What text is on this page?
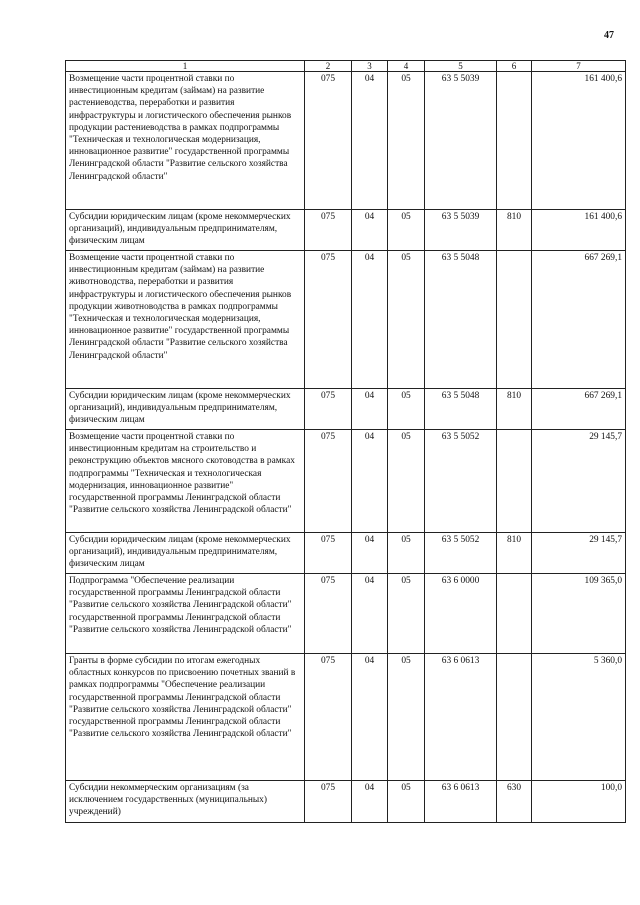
47
1	2	3	4	5	6	7
Возмещение части процентной ставки по инвестиционным кредитам (займам) на развитие растениеводства, переработки и развития инфраструктуры и логистического обеспечения рынков продукции растениеводства в рамках подпрограммы "Техническая и технологическая модернизация, инновационное развитие" государственной программы Ленинградской области "Развитие сельского хозяйства Ленинградской области"	075	04	05	63 5 5039		161 400,6
Субсидии юридическим лицам (кроме некоммерческих организаций), индивидуальным предпринимателям, физическим лицам	075	04	05	63 5 5039	810	161 400,6
Возмещение части процентной ставки по инвестиционным кредитам (займам) на развитие животноводства, переработки и развития инфраструктуры и логистического обеспечения рынков продукции животноводства в рамках подпрограммы "Техническая и технологическая модернизация, инновационное развитие" государственной программы Ленинградской области "Развитие сельского хозяйства Ленинградской области"	075	04	05	63 5 5048		667 269,1
Субсидии юридическим лицам (кроме некоммерческих организаций), индивидуальным предпринимателям, физическим лицам	075	04	05	63 5 5048	810	667 269,1
Возмещение части процентной ставки по инвестиционным кредитам на строительство и реконструкцию объектов мясного скотоводства в рамках подпрограммы "Техническая и технологическая модернизация, инновационное развитие" государственной программы Ленинградской области "Развитие сельского хозяйства Ленинградской области"	075	04	05	63 5 5052		29 145,7
Субсидии юридическим лицам (кроме некоммерческих организаций), индивидуальным предпринимателям, физическим лицам	075	04	05	63 5 5052	810	29 145,7
Подпрограмма "Обеспечение реализации государственной программы Ленинградской области "Развитие сельского хозяйства Ленинградской области" государственной программы Ленинградской области "Развитие сельского хозяйства Ленинградской области"	075	04	05	63 6 0000		109 365,0
Гранты в форме субсидии по итогам ежегодных областных конкурсов по присвоению почетных званий в рамках подпрограммы "Обеспечение реализации государственной программы Ленинградской области "Развитие сельского хозяйства Ленинградской области" государственной программы Ленинградской области "Развитие сельского хозяйства Ленинградской области"	075	04	05	63 6 0613		5 360,0
Субсидии некоммерческим организациям (за исключением государственных (муниципальных) учреждений)	075	04	05	63 6 0613	630	100,0
